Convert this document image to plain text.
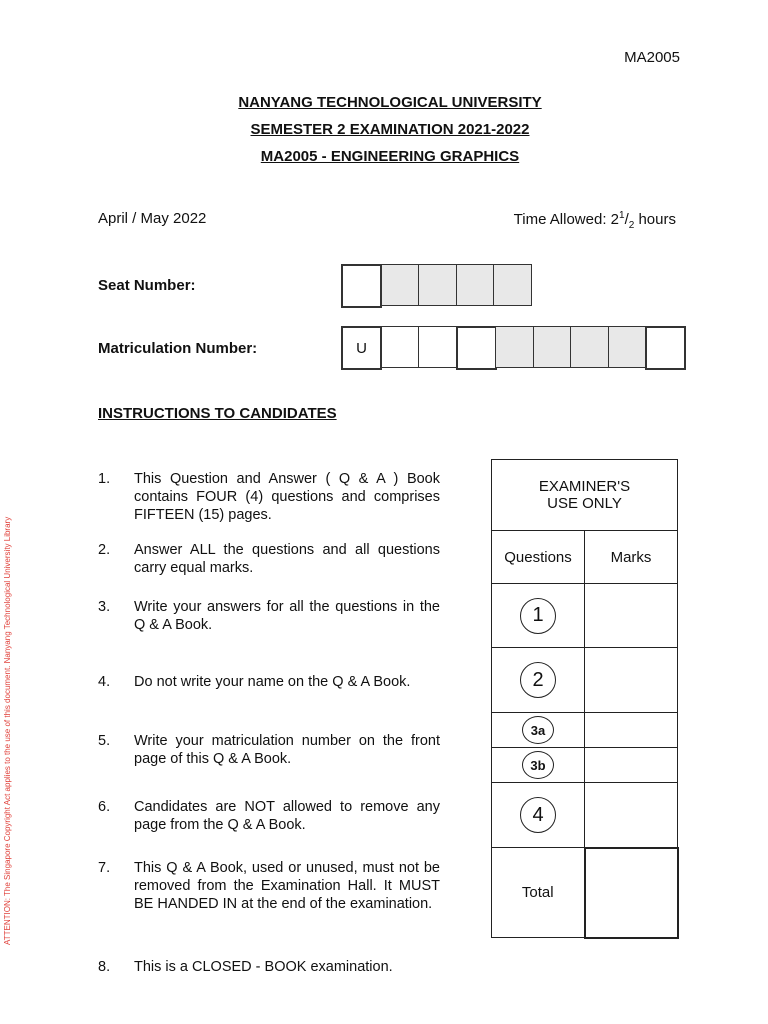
MA2005
NANYANG TECHNOLOGICAL UNIVERSITY
SEMESTER 2 EXAMINATION 2021-2022
MA2005 - ENGINEERING GRAPHICS
April / May 2022	Time Allowed: $2^1/_2$ hours
Seat Number:
Matriculation Number:	U
INSTRUCTIONS TO CANDIDATES
1. This Question and Answer ( Q & A ) Book contains FOUR (4) questions and comprises FIFTEEN (15) pages.
2. Answer ALL the questions and all questions carry equal marks.
3. Write your answers for all the questions in the Q & A Book.
4. Do not write your name on the Q & A Book.
5. Write your matriculation number on the front page of this Q & A Book.
6. Candidates are NOT allowed to remove any page from the Q & A Book.
7. This Q & A Book, used or unused, must not be removed from the Examination Hall. It MUST BE HANDED IN at the end of the examination.
8. This is a CLOSED - BOOK examination.
EXAMINER'S
USE ONLY	

Questions	Marks
1	
2	
3a	
3b	
4	
Total	
ATTENTION: The Singapore Copyright Act applies to the use of this document. Nanyang Technological University Library
